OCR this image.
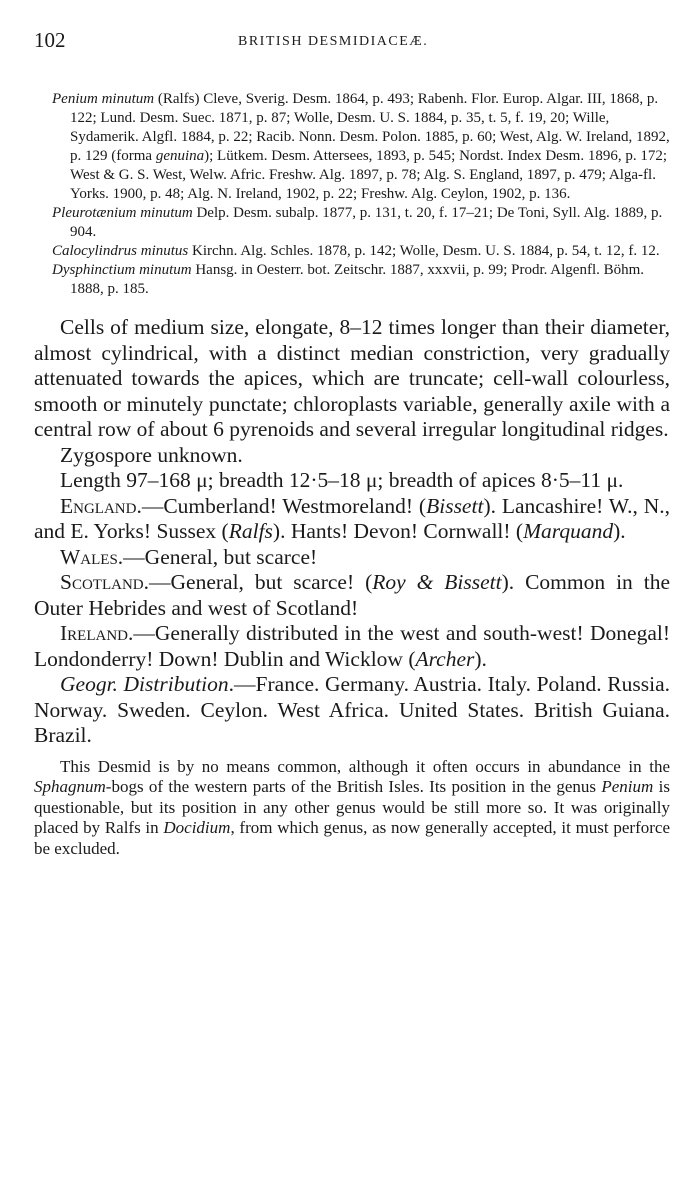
102	BRITISH DESMIDIACEÆ.

Penium minutum (Ralfs) Cleve, Sverig. Desm. 1864, p. 493; Rabenh. Flor. Europ. Algar. III, 1868, p. 122; Lund. Desm. Suec. 1871, p. 87; Wolle, Desm. U. S. 1884, p. 35, t. 5, f. 19, 20; Wille, Sydamerik. Algfl. 1884, p. 22; Racib. Nonn. Desm. Polon. 1885, p. 60; West, Alg. W. Ireland, 1892, p. 129 (forma genuina); Lütkem. Desm. Attersees, 1893, p. 545; Nordst. Index Desm. 1896, p. 172; West & G. S. West, Welw. Afric. Freshw. Alg. 1897, p. 78; Alg. S. England, 1897, p. 479; Alga-fl. Yorks. 1900, p. 48; Alg. N. Ireland, 1902, p. 22; Freshw. Alg. Ceylon, 1902, p. 136.

Pleurotænium minutum Delp. Desm. subalp. 1877, p. 131, t. 20, f. 17–21; De Toni, Syll. Alg. 1889, p. 904.

Calocylindrus minutus Kirchn. Alg. Schles. 1878, p. 142; Wolle, Desm. U. S. 1884, p. 54, t. 12, f. 12.

Dysphinctium minutum Hansg. in Oesterr. bot. Zeitschr. 1887, xxxvii, p. 99; Prodr. Algenfl. Böhm. 1888, p. 185.

Cells of medium size, elongate, 8–12 times longer than their diameter, almost cylindrical, with a distinct median constriction, very gradually attenuated towards the apices, which are truncate; cell-wall colourless, smooth or minutely punctate; chloroplasts variable, generally axile with a central row of about 6 pyrenoids and several irregular longitudinal ridges.

Zygospore unknown.

Length 97–168 μ; breadth 12·5–18 μ; breadth of apices 8·5–11 μ.

England.—Cumberland! Westmoreland! (Bissett). Lancashire! W., N., and E. Yorks! Sussex (Ralfs). Hants! Devon! Cornwall! (Marquand).

Wales.—General, but scarce!

Scotland.—General, but scarce! (Roy & Bissett). Common in the Outer Hebrides and west of Scotland!

Ireland.—Generally distributed in the west and south-west! Donegal! Londonderry! Down! Dublin and Wicklow (Archer).

Geogr. Distribution.—France. Germany. Austria. Italy. Poland. Russia. Norway. Sweden. Ceylon. West Africa. United States. British Guiana. Brazil.

This Desmid is by no means common, although it often occurs in abundance in the Sphagnum-bogs of the western parts of the British Isles. Its position in the genus Penium is questionable, but its position in any other genus would be still more so. It was originally placed by Ralfs in Docidium, from which genus, as now generally accepted, it must perforce be excluded.
